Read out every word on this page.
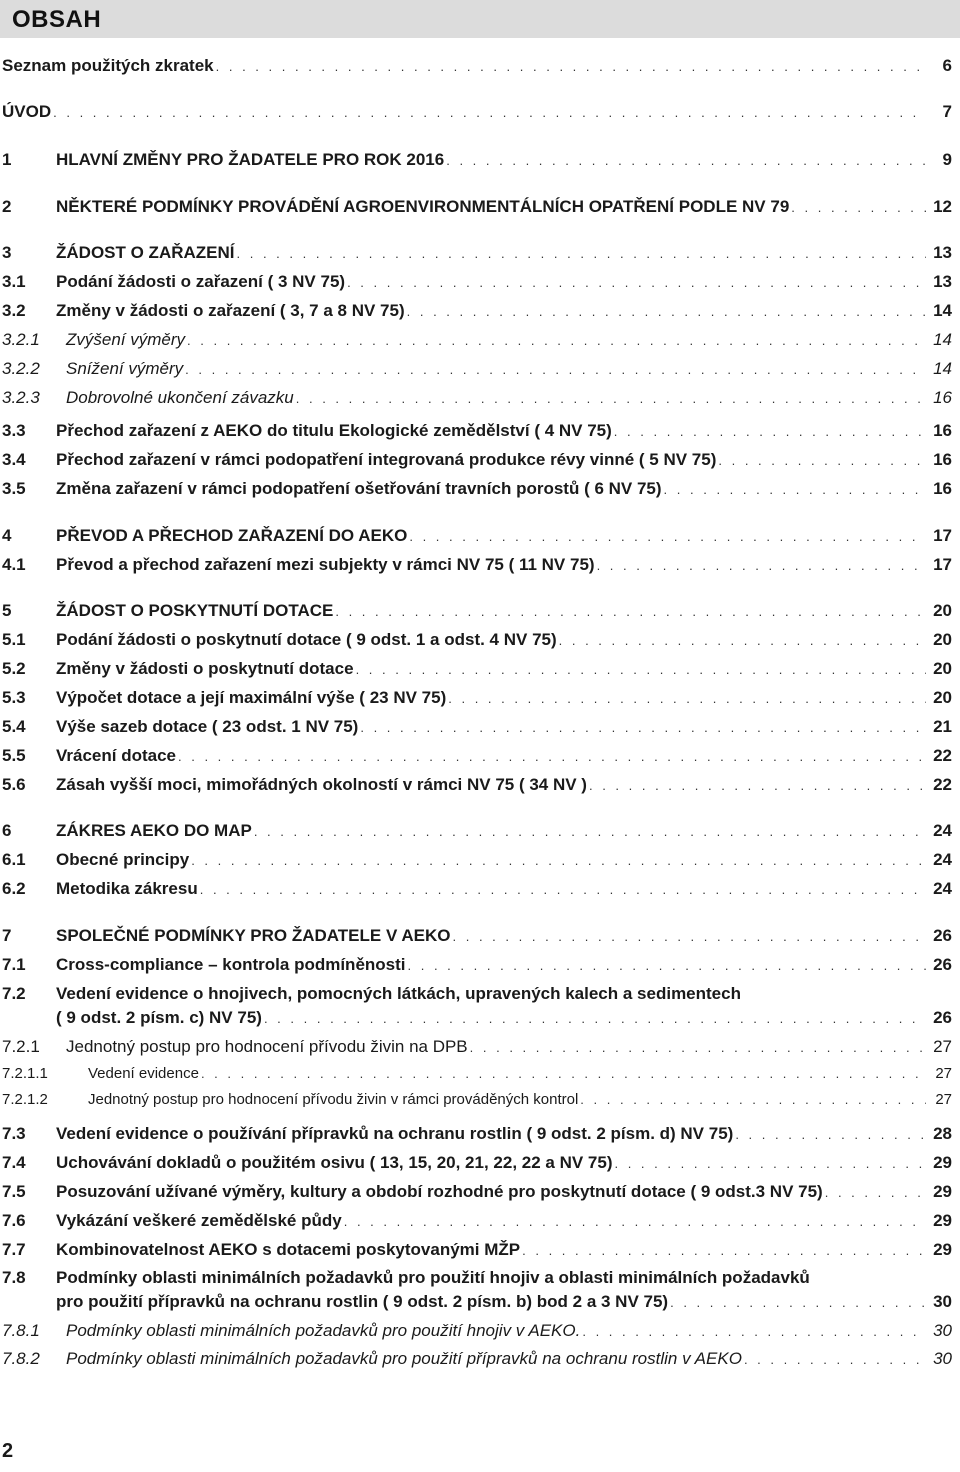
OBSAH
Seznam použitých zkratek . . .	6
ÚVOD . . .	7
1	HLAVNÍ ZMĚNY PRO ŽADATELE PRO ROK 2016 . . .	9
2	NĚKTERÉ PODMÍNKY PROVÁDĚNÍ AGROENVIRONMENTÁLNÍCH OPATŘENÍ PODLE NV 79 . . .	12
3	ŽÁDOST O ZAŘAZENÍ . . .	13
3.1 Podání žádosti o zařazení ( 3 NV 75) . . .	13
3.2 Změny v žádosti o zařazení ( 3, 7 a 8 NV 75) . . .	14
3.2.1 Zvýšení výměry . . .	14
3.2.2 Snížení výměry . . .	14
3.2.3 Dobrovolné ukončení závazku . . .	16
3.3 Přechod zařazení z AEKO do titulu Ekologické zemědělství ( 4 NV 75) . . .	16
3.4 Přechod zařazení v rámci podopatření integrovaná produkce révy vinné ( 5 NV 75) . . .	16
3.5 Změna zařazení v rámci podopatření ošetřování travních porostů ( 6 NV 75) . . .	16
4	PŘEVOD A PŘECHOD ZAŘAZENÍ DO AEKO . . .	17
4.1 Převod a přechod zařazení mezi subjekty v rámci NV 75 ( 11 NV 75) . . .	17
5	ŽÁDOST O POSKYTNUTÍ DOTACE . . .	20
5.1 Podání žádosti o poskytnutí dotace ( 9 odst. 1 a odst. 4 NV 75) . . .	20
5.2 Změny v žádosti o poskytnutí dotace . . .	20
5.3 Výpočet dotace a její maximální výše ( 23 NV 75) . . .	20
5.4 Výše sazeb dotace ( 23 odst. 1 NV 75) . . .	21
5.5 Vrácení dotace . . .	22
5.6 Zásah vyšší moci, mimořádných okolností v rámci NV 75 ( 34 NV ) . . .	22
6	ZÁKRES AEKO DO MAP . . .	24
6.1 Obecné principy . . .	24
6.2 Metodika zákresu . . .	24
7	SPOLEČNÉ PODMÍNKY PRO ŽADATELE V AEKO . . .	26
7.1 Cross-compliance – kontrola podmíněnosti . . .	26
7.2 Vedení evidence o hnojivech, pomocných látkách, upravených kalech a sedimentech
( 9 odst. 2 písm. c) NV 75) . . .	26
7.2.1 Jednotný postup pro hodnocení přívodu živin na DPB . . .	27
7.2.1.1	Vedení evidence . . .	27
7.2.1.2	Jednotný postup pro hodnocení přívodu živin v rámci prováděných kontrol . . .	27
7.3 Vedení evidence o používání přípravků na ochranu rostlin ( 9 odst. 2 písm. d) NV 75) . . .	28
7.4 Uchovávání dokladů o použitém osivu ( 13, 15, 20, 21, 22, 22 a NV 75) . . .	29
7.5 Posuzování užívané výměry, kultury a období rozhodné pro poskytnutí dotace ( 9 odst.3 NV 75) . . .	29
7.6 Vykázání veškeré zemědělské půdy . . .	29
7.7 Kombinovatelnost AEKO s dotacemi poskytovanými MŽP . . .	29
7.8 Podmínky oblasti minimálních požadavků pro použití hnojiv a oblasti minimálních požadavků
pro použití přípravků na ochranu rostlin ( 9 odst. 2 písm. b) bod 2 a 3 NV 75) . . .	30
7.8.1 Podmínky oblasti minimálních požadavků pro použití hnojiv v AEKO. . . .	30
7.8.2 Podmínky oblasti minimálních požadavků pro použití přípravků na ochranu rostlin v AEKO . . .	30
2
